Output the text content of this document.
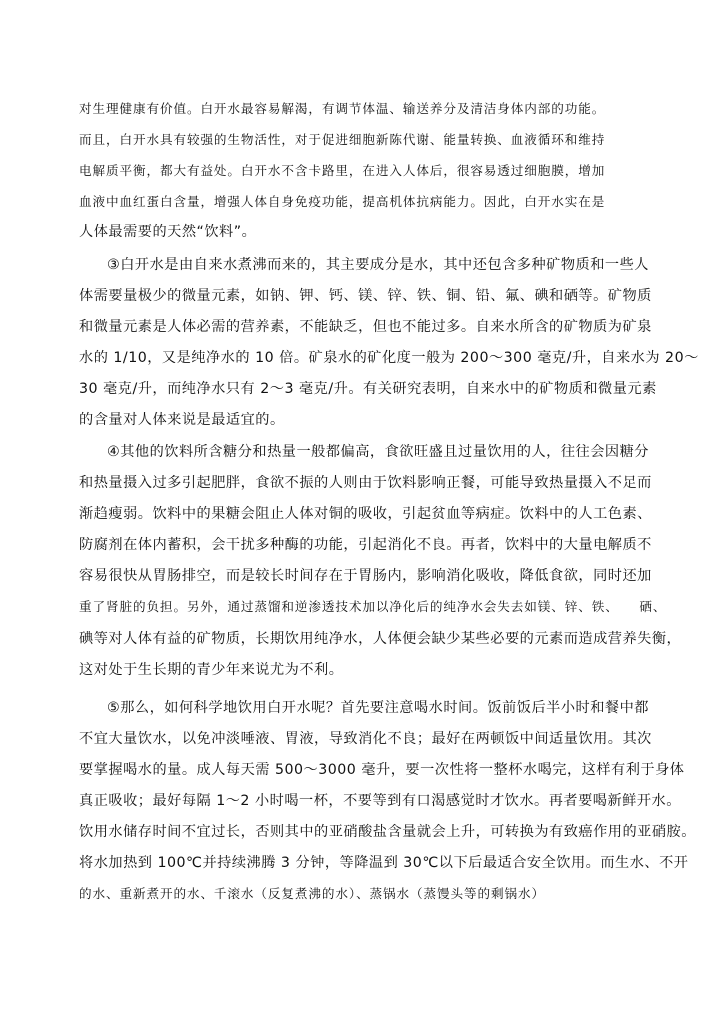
对生理健康有价值。白开水最容易解渴，有调节体温、输送养分及清洁身体内部的功能。
而且，白开水具有较强的生物活性，对于促进细胞新陈代谢、能量转换、血液循环和维持
电解质平衡，都大有益处。白开水不含卡路里，在进入人体后，很容易透过细胞膜，增加
血液中血红蛋白含量，增强人体自身免疫功能，提高机体抗病能力。因此，白开水实在是
人体最需要的天然“饮料”。
③白开水是由自来水煮沸而来的，其主要成分是水，其中还包含多种矿物质和一些人
体需要量极少的微量元素，如钠、钾、钙、镁、锌、铁、铜、铅、氟、碘和硒等。矿物质
和微量元素是人体必需的营养素，不能缺乏，但也不能过多。自来水所含的矿物质为矿泉
水的 1/10，又是纯净水的 10 倍。矿泉水的矿化度一般为 200～300 毫克/升，自来水为 20～
30 毫克/升，而纯净水只有 2～3 毫克/升。有关研究表明，自来水中的矿物质和微量元素
的含量对人体来说是最适宜的。
④其他的饮料所含糖分和热量一般都偏高，食欲旺盛且过量饮用的人，往往会因糖分
和热量摄入过多引起肥胖，食欲不振的人则由于饮料影响正餐，可能导致热量摄入不足而
渐趋瘦弱。饮料中的果糖会阻止人体对铜的吸收，引起贫血等病症。饮料中的人工色素、
防腐剂在体内蓄积，会干扰多种酶的功能，引起消化不良。再者，饮料中的大量电解质不
容易很快从胃肠排空，而是较长时间存在于胃肠内，影响消化吸收，降低食欲，同时还加
重了肾脏的负担。另外，通过蒸馏和逆渗透技术加以净化后的纯净水会失去如镁、锌、铁、　　硒、
碘等对人体有益的矿物质，长期饮用纯净水，人体便会缺少某些必要的元素而造成营养失衡，
这对处于生长期的青少年来说尤为不利。
⑤那么，如何科学地饮用白开水呢？首先要注意喝水时间。饭前饭后半小时和餐中都
不宜大量饮水，以免冲淡唾液、胃液，导致消化不良；最好在两顿饭中间适量饮用。其次
要掌握喝水的量。成人每天需 500～3000 毫升，要一次性将一整杯水喝完，这样有利于身体
真正吸收；最好每隔 1～2 小时喝一杯，不要等到有口渴感觉时才饮水。再者要喝新鲜开水。
饮用水储存时间不宜过长，否则其中的亚硝酸盐含量就会上升，可转换为有致癌作用的亚硝胺。
将水加热到 100℃并持续沸腾 3 分钟，等降温到 30℃以下后最适合安全饮用。而生水、不开
的水、重新煮开的水、千滚水（反复煮沸的水）、蒸锅水（蒸馒头等的剩锅水）
